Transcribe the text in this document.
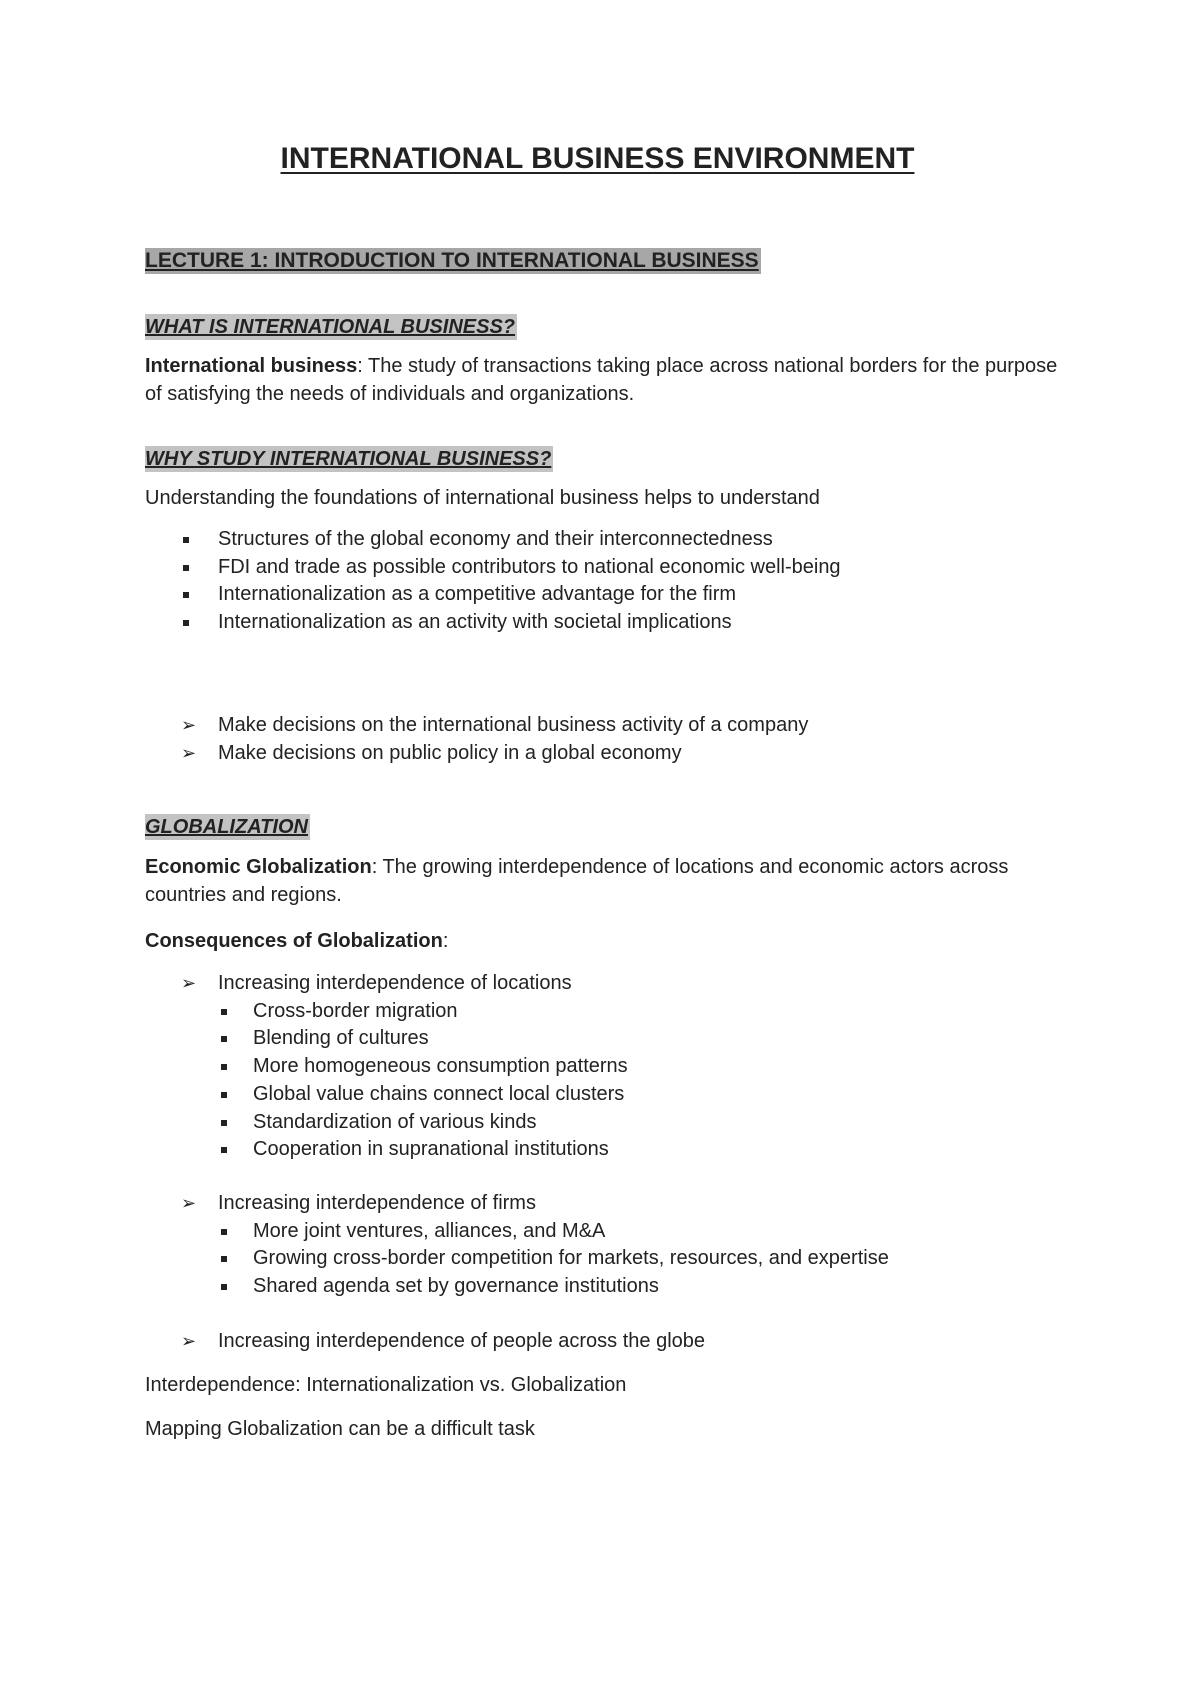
INTERNATIONAL BUSINESS ENVIRONMENT
LECTURE 1: INTRODUCTION TO INTERNATIONAL BUSINESS
WHAT IS INTERNATIONAL BUSINESS?

International business: The study of transactions taking place across national borders for the purpose of satisfying the needs of individuals and organizations.

WHY STUDY INTERNATIONAL BUSINESS?

Understanding the foundations of international business helps to understand

Structures of the global economy and their interconnectedness
FDI and trade as possible contributors to national economic well-being
Internationalization as a competitive advantage for the firm
Internationalization as an activity with societal implications
➢ Make decisions on the international business activity of a company
➢ Make decisions on public policy in a global economy
GLOBALIZATION

Economic Globalization: The growing interdependence of locations and economic actors across countries and regions.

Consequences of Globalization:

➢ Increasing interdependence of locations
Cross-border migration
Blending of cultures
More homogeneous consumption patterns
Global value chains connect local clusters
Standardization of various kinds
Cooperation in supranational institutions
➢ Increasing interdependence of firms
More joint ventures, alliances, and M&A
Growing cross-border competition for markets, resources, and expertise
Shared agenda set by governance institutions
➢ Increasing interdependence of people across the globe

Interdependence: Internationalization vs. Globalization

Mapping Globalization can be a difficult task
